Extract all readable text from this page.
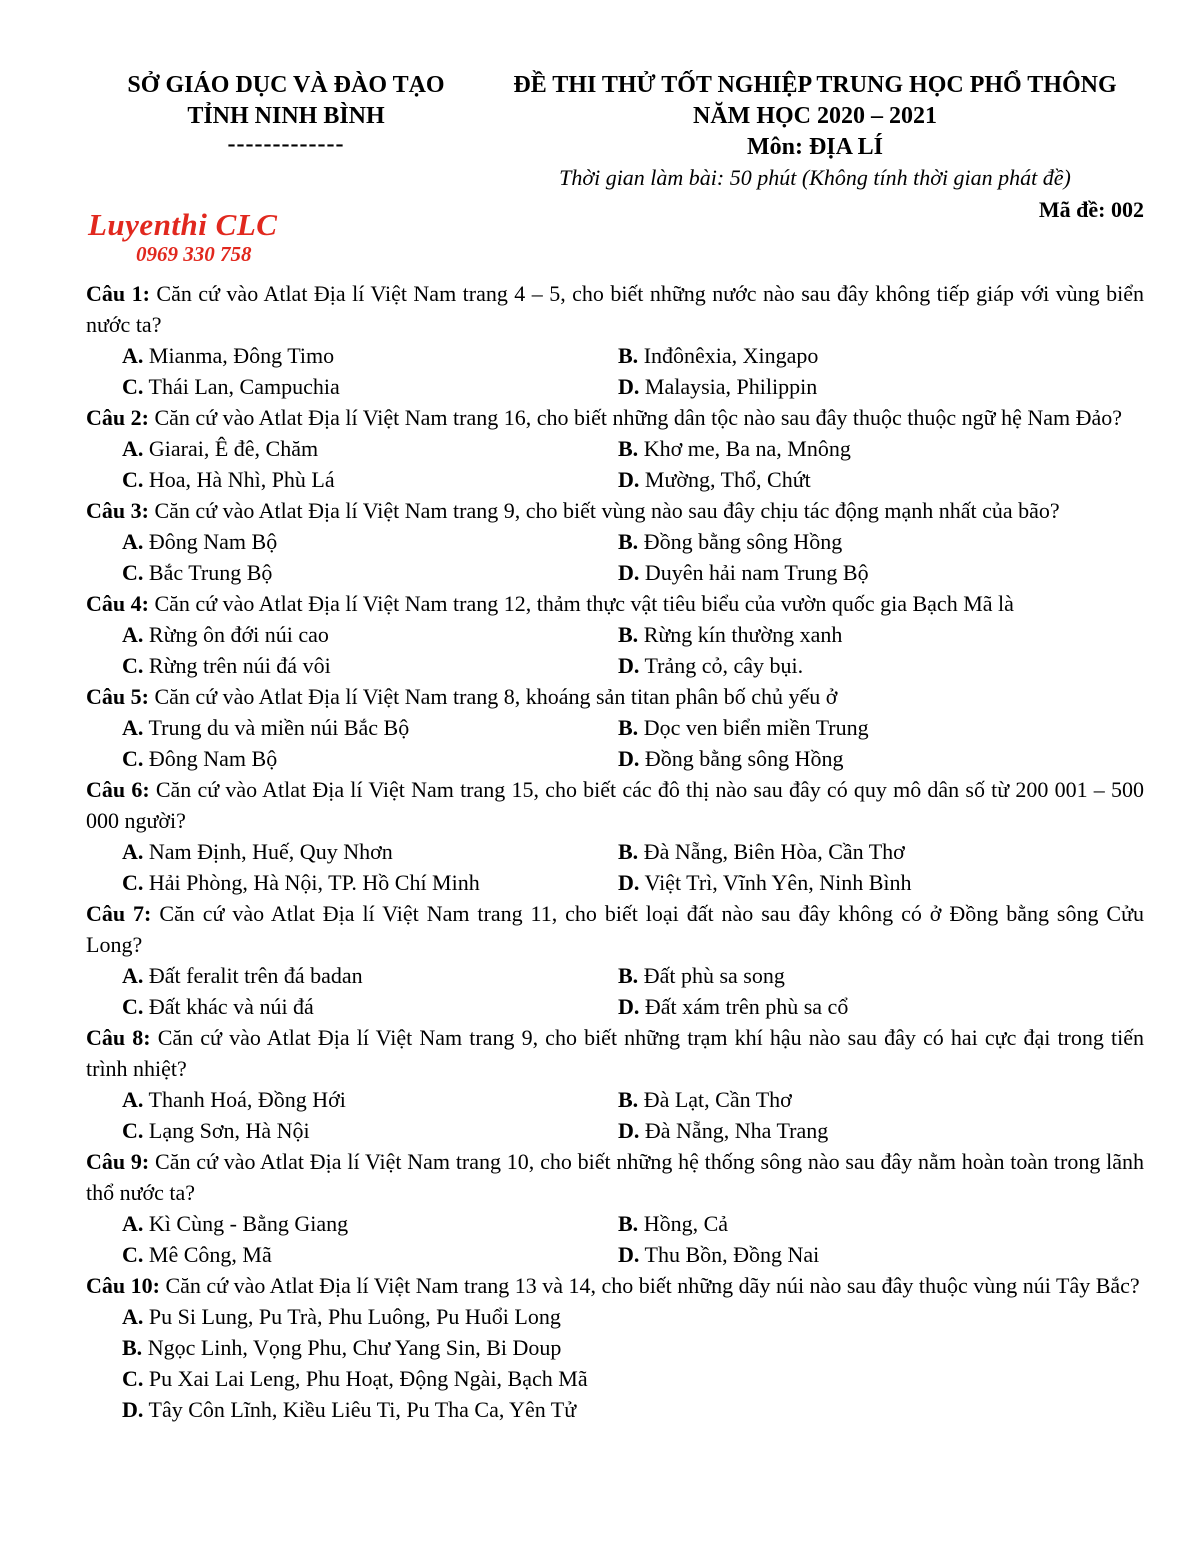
SỞ GIÁO DỤC VÀ ĐÀO TẠO
TỈNH NINH BÌNH
-------------
Luyenthi CLC
0969 330 758
ĐỀ THI THỬ TỐT NGHIỆP TRUNG HỌC PHỔ THÔNG
NĂM HỌC 2020 – 2021
Môn: ĐỊA LÍ
Thời gian làm bài: 50 phút (Không tính thời gian phát đề)
Mã đề: 002

Câu 1: Căn cứ vào Atlat Địa lí Việt Nam trang 4 – 5, cho biết những nước nào sau đây không tiếp giáp với vùng biển nước ta?

A. Mianma, Đông Timo	B. Inđônêxia, Xingapo
C. Thái Lan, Campuchia	D. Malaysia, Philippin

Câu 2: Căn cứ vào Atlat Địa lí Việt Nam trang 16, cho biết những dân tộc nào sau đây thuộc thuộc ngữ hệ Nam Đảo?

A. Giarai, Ê đê, Chăm	B. Khơ me, Ba na, Mnông
C. Hoa, Hà Nhì, Phù Lá	D. Mường, Thổ, Chứt

Câu 3: Căn cứ vào Atlat Địa lí Việt Nam trang 9, cho biết vùng nào sau đây chịu tác động mạnh nhất của bão?

A. Đông Nam Bộ	B. Đồng bằng sông Hồng
C. Bắc Trung Bộ	D. Duyên hải nam Trung Bộ

Câu 4: Căn cứ vào Atlat Địa lí Việt Nam trang 12, thảm thực vật tiêu biểu của vườn quốc gia Bạch Mã là

A. Rừng ôn đới núi cao	B. Rừng kín thường xanh
C. Rừng trên núi đá vôi	D. Trảng cỏ, cây bụi.

Câu 5: Căn cứ vào Atlat Địa lí Việt Nam trang 8, khoáng sản titan phân bố chủ yếu ở

A. Trung du và miền núi Bắc Bộ	B. Dọc ven biển miền Trung
C. Đông Nam Bộ	D. Đồng bằng sông Hồng

Câu 6: Căn cứ vào Atlat Địa lí Việt Nam trang 15, cho biết các đô thị nào sau đây có quy mô dân số từ 200 001 – 500 000 người?

A. Nam Định, Huế, Quy Nhơn	B. Đà Nẵng, Biên Hòa, Cần Thơ
C. Hải Phòng, Hà Nội, TP. Hồ Chí Minh	D. Việt Trì, Vĩnh Yên, Ninh Bình

Câu 7: Căn cứ vào Atlat Địa lí Việt Nam trang 11, cho biết loại đất nào sau đây không có ở Đồng bằng sông Cửu Long?

A. Đất feralit trên đá badan	B. Đất phù sa song
C. Đất khác và núi đá	D. Đất xám trên phù sa cổ

Câu 8: Căn cứ vào Atlat Địa lí Việt Nam trang 9, cho biết những trạm khí hậu nào sau đây có hai cực đại trong tiến trình nhiệt?

A. Thanh Hoá, Đồng Hới	B. Đà Lạt, Cần Thơ
C. Lạng Sơn, Hà Nội	D. Đà Nẵng, Nha Trang

Câu 9: Căn cứ vào Atlat Địa lí Việt Nam trang 10, cho biết những hệ thống sông nào sau đây nằm hoàn toàn trong lãnh thổ nước ta?

A. Kì Cùng - Bằng Giang	B. Hồng, Cả
C. Mê Công, Mã	D. Thu Bồn, Đồng Nai

Câu 10: Căn cứ vào Atlat Địa lí Việt Nam trang 13 và 14, cho biết những dãy núi nào sau đây thuộc vùng núi Tây Bắc?

A. Pu Si Lung, Pu Trà, Phu Luông, Pu Huổi Long
B. Ngọc Linh, Vọng Phu, Chư Yang Sin, Bi Doup
C. Pu Xai Lai Leng, Phu Hoạt, Động Ngài, Bạch Mã
D. Tây Côn Lĩnh, Kiều Liêu Ti, Pu Tha Ca, Yên Tử
